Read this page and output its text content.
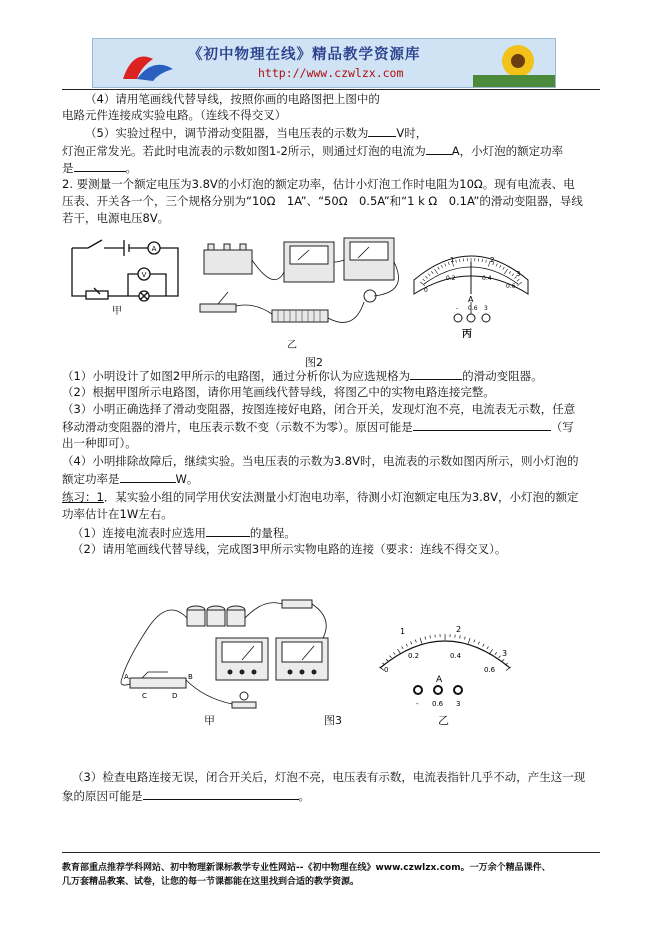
《初中物理在线》精品教学资源库
http://www.czwlzx.com
（4）请用笔画线代替导线，按照你画的电路图把上图中的
电路元件连接成实验电路。（连线不得交叉）
（5）实验过程中，调节滑动变阻器，当电压表的示数为 V时，
灯泡正常发光。若此时电流表的示数如图1-2所示，则通过灯泡的电流为 A，小灯泡的额定功率
是	。
2. 要测量一个额定电压为3.8V的小灯泡的额定功率，估计小灯泡工作时电阻为10Ω。现有电流表、电
压表、开关各一个，三个规格分别为“10Ω　1A”、“50Ω　0.5A”和“1 k Ω　0.1A”的滑动变阻器，导线
若干，电源电压8V。
A
V
甲
乙
0
1	2
3
0.2	0.4
0.6
A
- 0.6 3
丙
图2
（1）小明设计了如图2甲所示的电路图，通过分析你认为应选规格为	的滑动变阻器。
（2）根据甲图所示电路图，请你用笔画线代替导线，将图乙中的实物电路连接完整。
（3）小明正确选择了滑动变阻器，按图连接好电路，闭合开关，发现灯泡不亮，电流表无示数，任意
移动滑动变阻器的滑片，电压表示数不变（示数不为零）。原因可能是	（写
出一种即可）。
（4）小明排除故障后，继续实验。当电压表的示数为3.8V时，电流表的示数如图丙所示，则小灯泡的
额定功率是	W。
练习：1．某实验小组的同学用伏安法测量小灯泡电功率，待测小灯泡额定电压为3.8V，小灯泡的额定
功率估计在1W左右。
（1）连接电流表时应选用	的量程。
（2）请用笔画线代替导线，完成图3甲所示实物电路的连接（要求：连线不得交叉）。
A	B
C	D
甲	图3
1	2
3
0
0.2	0.4
0.6
A
- 0.6 3
乙
（3）检查电路连接无误，闭合开关后，灯泡不亮，电压表有示数，电流表指针几乎不动，产生这一现
象的原因可能是	。
教育部重点推荐学科网站、初中物理新课标教学专业性网站--《初中物理在线》www.czwlzx.com。一万余个精品课件、
几万套精品教案、试卷，让您的每一节课都能在这里找到合适的教学资源。
